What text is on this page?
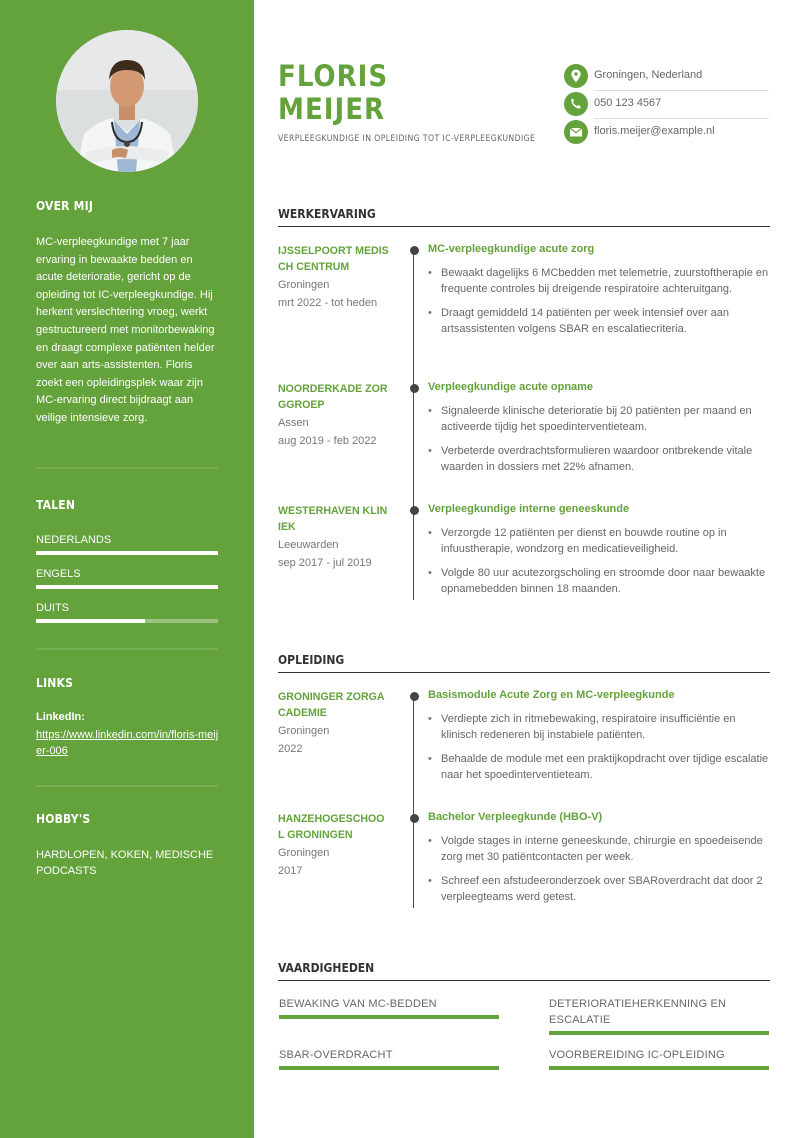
OVER MIJ

MC-verpleegkundige met 7 jaar ervaring in bewaakte bedden en acute deterioratie, gericht op de opleiding tot IC-verpleegkundige. Hij herkent verslechtering vroeg, werkt gestructureerd met monitorbewaking en draagt complexe patiënten helder over aan arts-assistenten. Floris zoekt een opleidingsplek waar zijn MC-ervaring direct bijdraagt aan veilige intensieve zorg.

TALEN
NEDERLANDS
ENGELS
DUITS
LINKS
LinkedIn:
https://www.linkedin.com/in/floris-meijer-006
HOBBY'S
HARDLOPEN, KOKEN, MEDISCHE PODCASTS
FLORIS
MEIJER
VERPLEEGKUNDIGE IN OPLEIDING TOT IC-VERPLEEGKUNDIGE
Groningen, Nederland
050 123 4567
floris.meijer@example.nl
WERKERVARING
IJSSELPOORT MEDISCH CENTRUM
Groningen
mrt 2022 - tot heden
MC-verpleegkundige acute zorg
• Bewaakt dagelijks 6 MCbedden met telemetrie, zuurstoftherapie en frequente controles bij dreigende respiratoire achteruitgang.
• Draagt gemiddeld 14 patiënten per week intensief over aan artsassistenten volgens SBAR en escalatiecriteria.
NOORDERKADE ZORGGROEP
Assen
aug 2019 - feb 2022
Verpleegkundige acute opname
• Signaleerde klinische deterioratie bij 20 patiënten per maand en activeerde tijdig het spoedinterventieteam.
• Verbeterde overdrachtsformulieren waardoor ontbrekende vitale waarden in dossiers met 22% afnamen.
WESTERHAVEN KLINIEK
Leeuwarden
sep 2017 - jul 2019
Verpleegkundige interne geneeskunde
• Verzorgde 12 patiënten per dienst en bouwde routine op in infuustherapie, wondzorg en medicatieveiligheid.
• Volgde 80 uur acutezorgscholing en stroomde door naar bewaakte opnamebedden binnen 18 maanden.
OPLEIDING
GRONINGER ZORGACADEMIE
Groningen
2022
Basismodule Acute Zorg en MC-verpleegkunde
• Verdiepte zich in ritmebewaking, respiratoire insufficiëntie en klinisch redeneren bij instabiele patiënten.
• Behaalde de module met een praktijkopdracht over tijdige escalatie naar het spoedinterventieteam.
HANZEHOGESCHOOL GRONINGEN
Groningen
2017
Bachelor Verpleegkunde (HBO-V)
• Volgde stages in interne geneeskunde, chirurgie en spoedeisende zorg met 30 patiëntcontacten per week.
• Schreef een afstudeeronderzoek over SBARoverdracht dat door 2 verpleegteams werd getest.
VAARDIGHEDEN
BEWAKING VAN MC-BEDDEN	DETERIORATIEHERKENNING EN ESCALATIE
SBAR-OVERDRACHT	VOORBEREIDING IC-OPLEIDING
